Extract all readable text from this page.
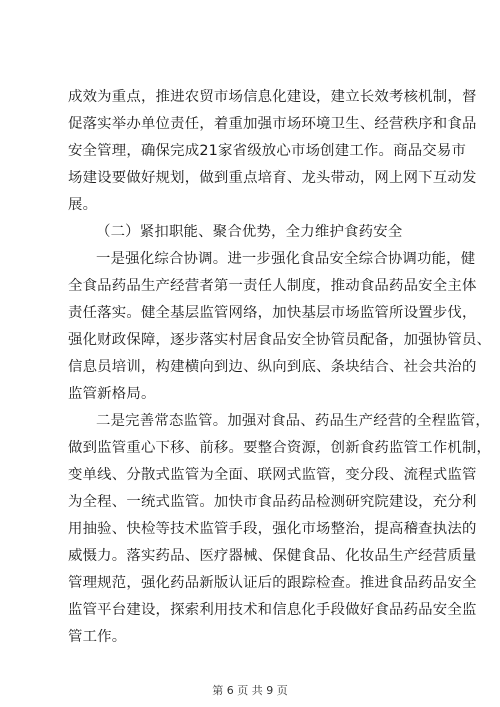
成效为重点，推进农贸市场信息化建设，建立长效考核机制，督
促落实举办单位责任，着重加强市场环境卫生、经营秩序和食品
安全管理，确保完成21家省级放心市场创建工作。商品交易市
场建设要做好规划，做到重点培育、龙头带动，网上网下互动发
展。
（二）紧扣职能、聚合优势，全力维护食药安全
一是强化综合协调。进一步强化食品安全综合协调功能，健
全食品药品生产经营者第一责任人制度，推动食品药品安全主体
责任落实。健全基层监管网络，加快基层市场监管所设置步伐，
强化财政保障，逐步落实村居食品安全协管员配备，加强协管员、
信息员培训，构建横向到边、纵向到底、条块结合、社会共治的
监管新格局。
二是完善常态监管。加强对食品、药品生产经营的全程监管，
做到监管重心下移、前移。要整合资源，创新食药监管工作机制，
变单线、分散式监管为全面、联网式监管，变分段、流程式监管
为全程、一统式监管。加快市食品药品检测研究院建设，充分利
用抽验、快检等技术监管手段，强化市场整治，提高稽查执法的
威慑力。落实药品、医疗器械、保健食品、化妆品生产经营质量
管理规范，强化药品新版认证后的跟踪检查。推进食品药品安全
监管平台建设，探索利用技术和信息化手段做好食品药品安全监
管工作。
第 6 页 共 9 页
